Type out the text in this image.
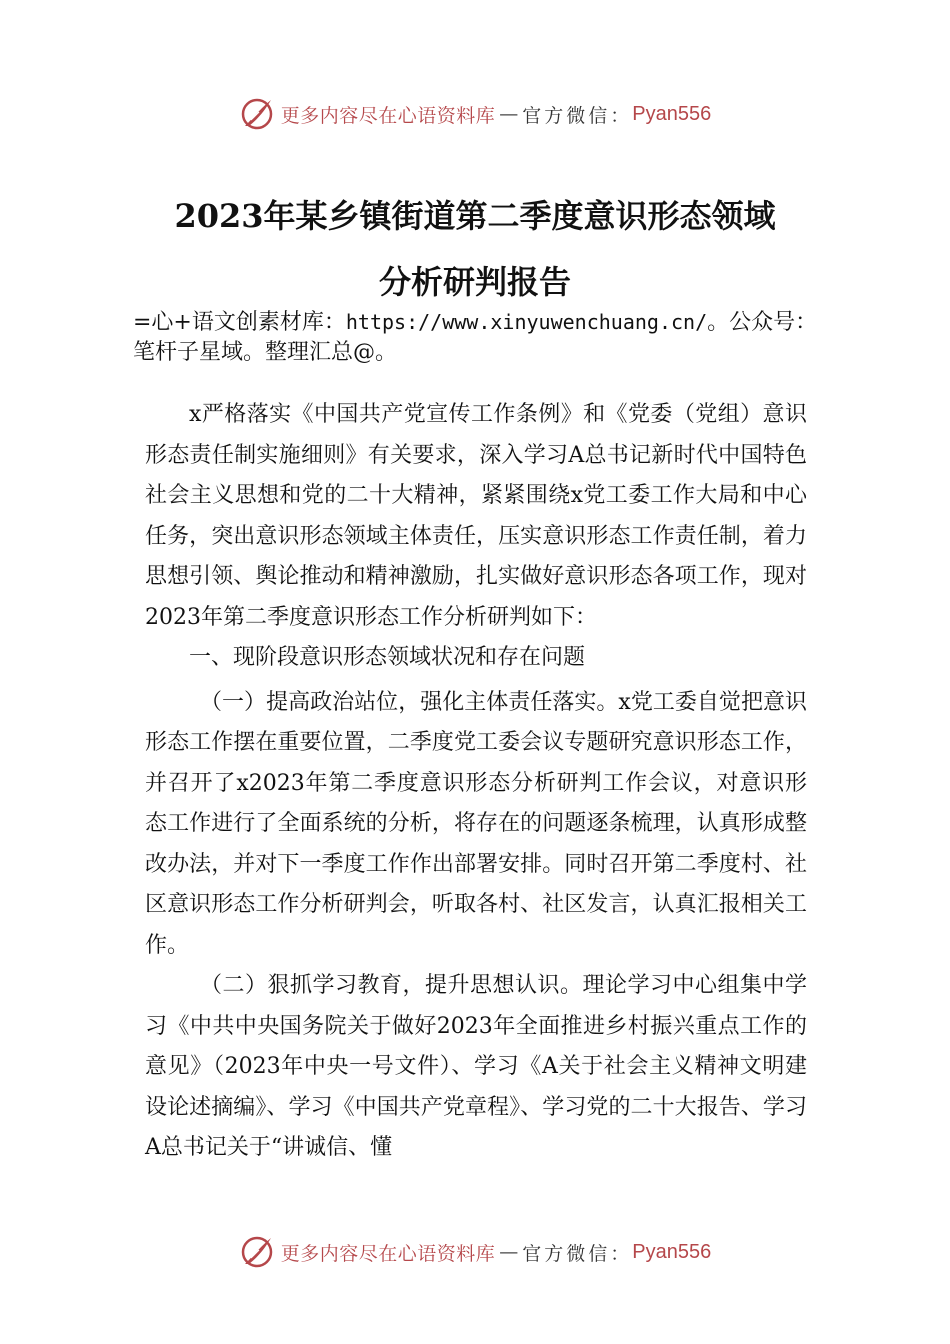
更多内容尽在心语资料库 — 官方微信： Pyan556
2023年某乡镇街道第二季度意识形态领域
分析研判报告
=心+语文创素材库：https://www.xinyuwenchuang.cn/。公众号：笔杆子星域。整理汇总@。

x严格落实《中国共产党宣传工作条例》和《党委（党组）意识形态责任制实施细则》有关要求，深入学习A总书记新时代中国特色社会主义思想和党的二十大精神，紧紧围绕x党工委工作大局和中心任务，突出意识形态领域主体责任，压实意识形态工作责任制，着力思想引领、舆论推动和精神激励，扎实做好意识形态各项工作，现对2023年第二季度意识形态工作分析研判如下：

一、现阶段意识形态领域状况和存在问题

（一）提高政治站位，强化主体责任落实。x党工委自觉把意识形态工作摆在重要位置，二季度党工委会议专题研究意识形态工作，并召开了x2023年第二季度意识形态分析研判工作会议，对意识形态工作进行了全面系统的分析，将存在的问题逐条梳理，认真形成整改办法，并对下一季度工作作出部署安排。同时召开第二季度村、社区意识形态工作分析研判会，听取各村、社区发言，认真汇报相关工作。

（二）狠抓学习教育，提升思想认识。理论学习中心组集中学习《中共中央国务院关于做好2023年全面推进乡村振兴重点工作的意见》（2023年中央一号文件）、学习《A关于社会主义精神文明建设论述摘编》、学习《中国共产党章程》、学习党的二十大报告、学习A总书记关于“讲诚信、懂

更多内容尽在心语资料库 — 官方微信： Pyan556
